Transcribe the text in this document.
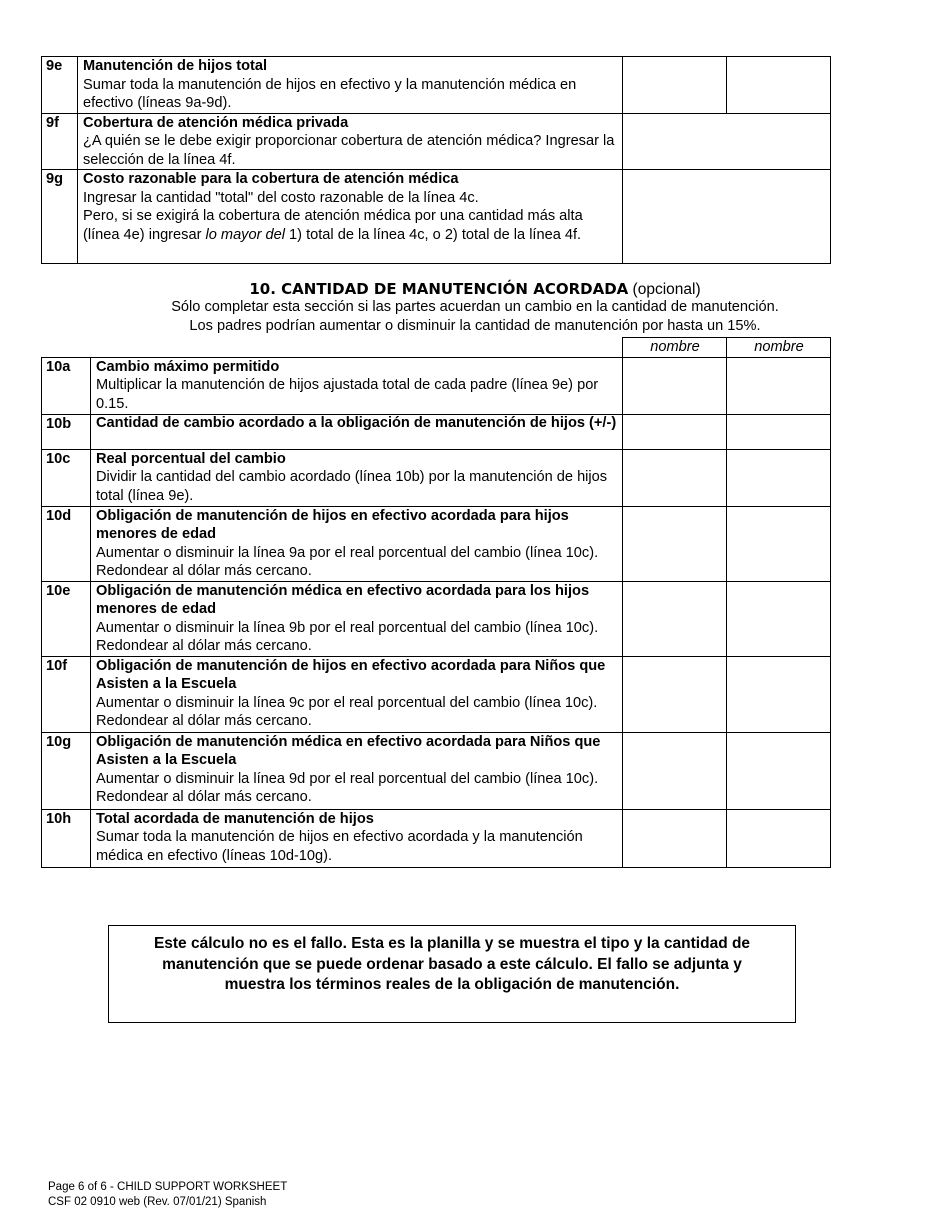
9e	Manutención de hijos total
Sumar toda la manutención de hijos en efectivo y la manutención médica en efectivo (líneas 9a-9d).		

9f	Cobertura de atención médica privada
¿A quién se le debe exigir proporcionar cobertura de atención médica? Ingresar la selección de la línea 4f.		

9g	Costo razonable para la cobertura de atención médica
Ingresar la cantidad "total" del costo razonable de la línea 4c.
Pero, si se exigirá la cobertura de atención médica por una cantidad más alta (línea 4e) ingresar lo mayor del 1) total de la línea 4c, o 2) total de la línea 4f.		

10. CANTIDAD DE MANUTENCIÓN ACORDADA (opcional)
Sólo completar esta sección si las partes acuerdan un cambio en la cantidad de manutención.
Los padres podrían aumentar o disminuir la cantidad de manutención por hasta un 15%.
		nombre	nombre
10a	Cambio máximo permitido
Multiplicar la manutención de hijos ajustada total de cada padre (línea 9e) por 0.15.		

10b	Cantidad de cambio acordado a la obligación de manutención de hijos (+/-)		

10c	Real porcentual del cambio
Dividir la cantidad del cambio acordado (línea 10b) por la manutención de hijos total (línea 9e).		

10d	Obligación de manutención de hijos en efectivo acordada para hijos menores de edad
Aumentar o disminuir la línea 9a por el real porcentual del cambio (línea 10c). Redondear al dólar más cercano.		

10e	Obligación de manutención médica en efectivo acordada para los hijos menores de edad
Aumentar o disminuir la línea 9b por el real porcentual del cambio (línea 10c). Redondear al dólar más cercano.		

10f	Obligación de manutención de hijos en efectivo acordada para Niños que Asisten a la Escuela
Aumentar o disminuir la línea 9c por el real porcentual del cambio (línea 10c). Redondear al dólar más cercano.		

10g	Obligación de manutención médica en efectivo acordada para Niños que Asisten a la Escuela
Aumentar o disminuir la línea 9d por el real porcentual del cambio (línea 10c). Redondear al dólar más cercano.		

10h	Total acordada de manutención de hijos
Sumar toda la manutención de hijos en efectivo acordada y la manutención médica en efectivo (líneas 10d-10g).		

Este cálculo no es el fallo. Esta es la planilla y se muestra el tipo y la cantidad de manutención que se puede ordenar basado a este cálculo. El fallo se adjunta y muestra los términos reales de la obligación de manutención.
Page 6 of 6 - CHILD SUPPORT WORKSHEET
CSF 02 0910 web (Rev. 07/01/21) Spanish
